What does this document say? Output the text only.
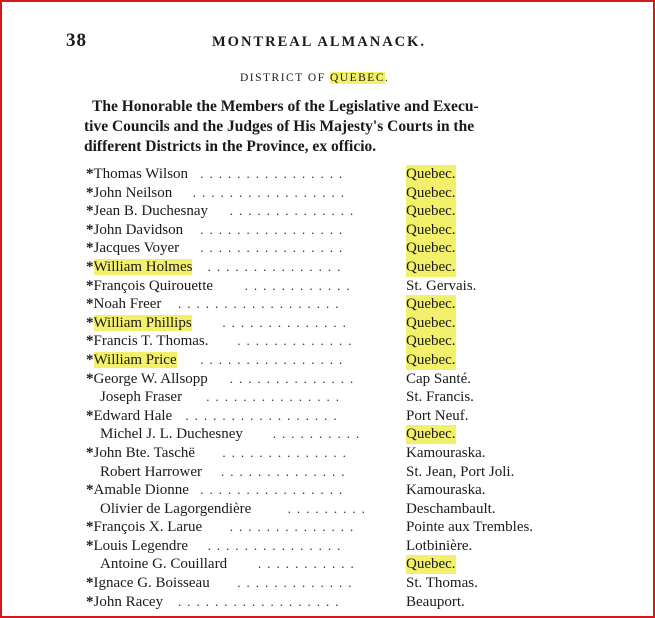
38	MONTREAL ALMANACK.
DISTRICT OF QUEBEC.
The Honorable the Members of the Legislative and Execu-
tive Councils and the Judges of His Majesty's Courts in the
different Districts in the Province, ex officio.
*Thomas Wilson ................	Quebec.
*John Neilson .................	Quebec.
*Jean B. Duchesnay ..............	Quebec.
*John Davidson ................	Quebec.
*Jacques Voyer ................	Quebec.
*William Holmes ...............	Quebec.
*François Quirouette ............	St. Gervais.
*Noah Freer ..................	Quebec.
*William Phillips ..............	Quebec.
*Francis T. Thomas. .............	Quebec.
*William Price ................	Quebec.
*George W. Allsopp ..............	Cap Santé.
Joseph Fraser ...............	St. Francis.
*Edward Hale .................	Port Neuf.
Michel J. L. Duchesney ..........	Quebec.
*John Bte. Taschë ..............	Kamouraska.
Robert Harrower ..............	St. Jean, Port Joli.
*Amable Dionne ................	Kamouraska.
Olivier de Lagorgendière	......... Deschambault.
*François X. Larue ..............	Pointe aux Trembles.
*Louis Legendre ...............	Lotbinière.
Antoine G. Couillard ...........	Quebec.
*Ignace G. Boisseau .............	St. Thomas.
*John Racey ..................	Beauport.
